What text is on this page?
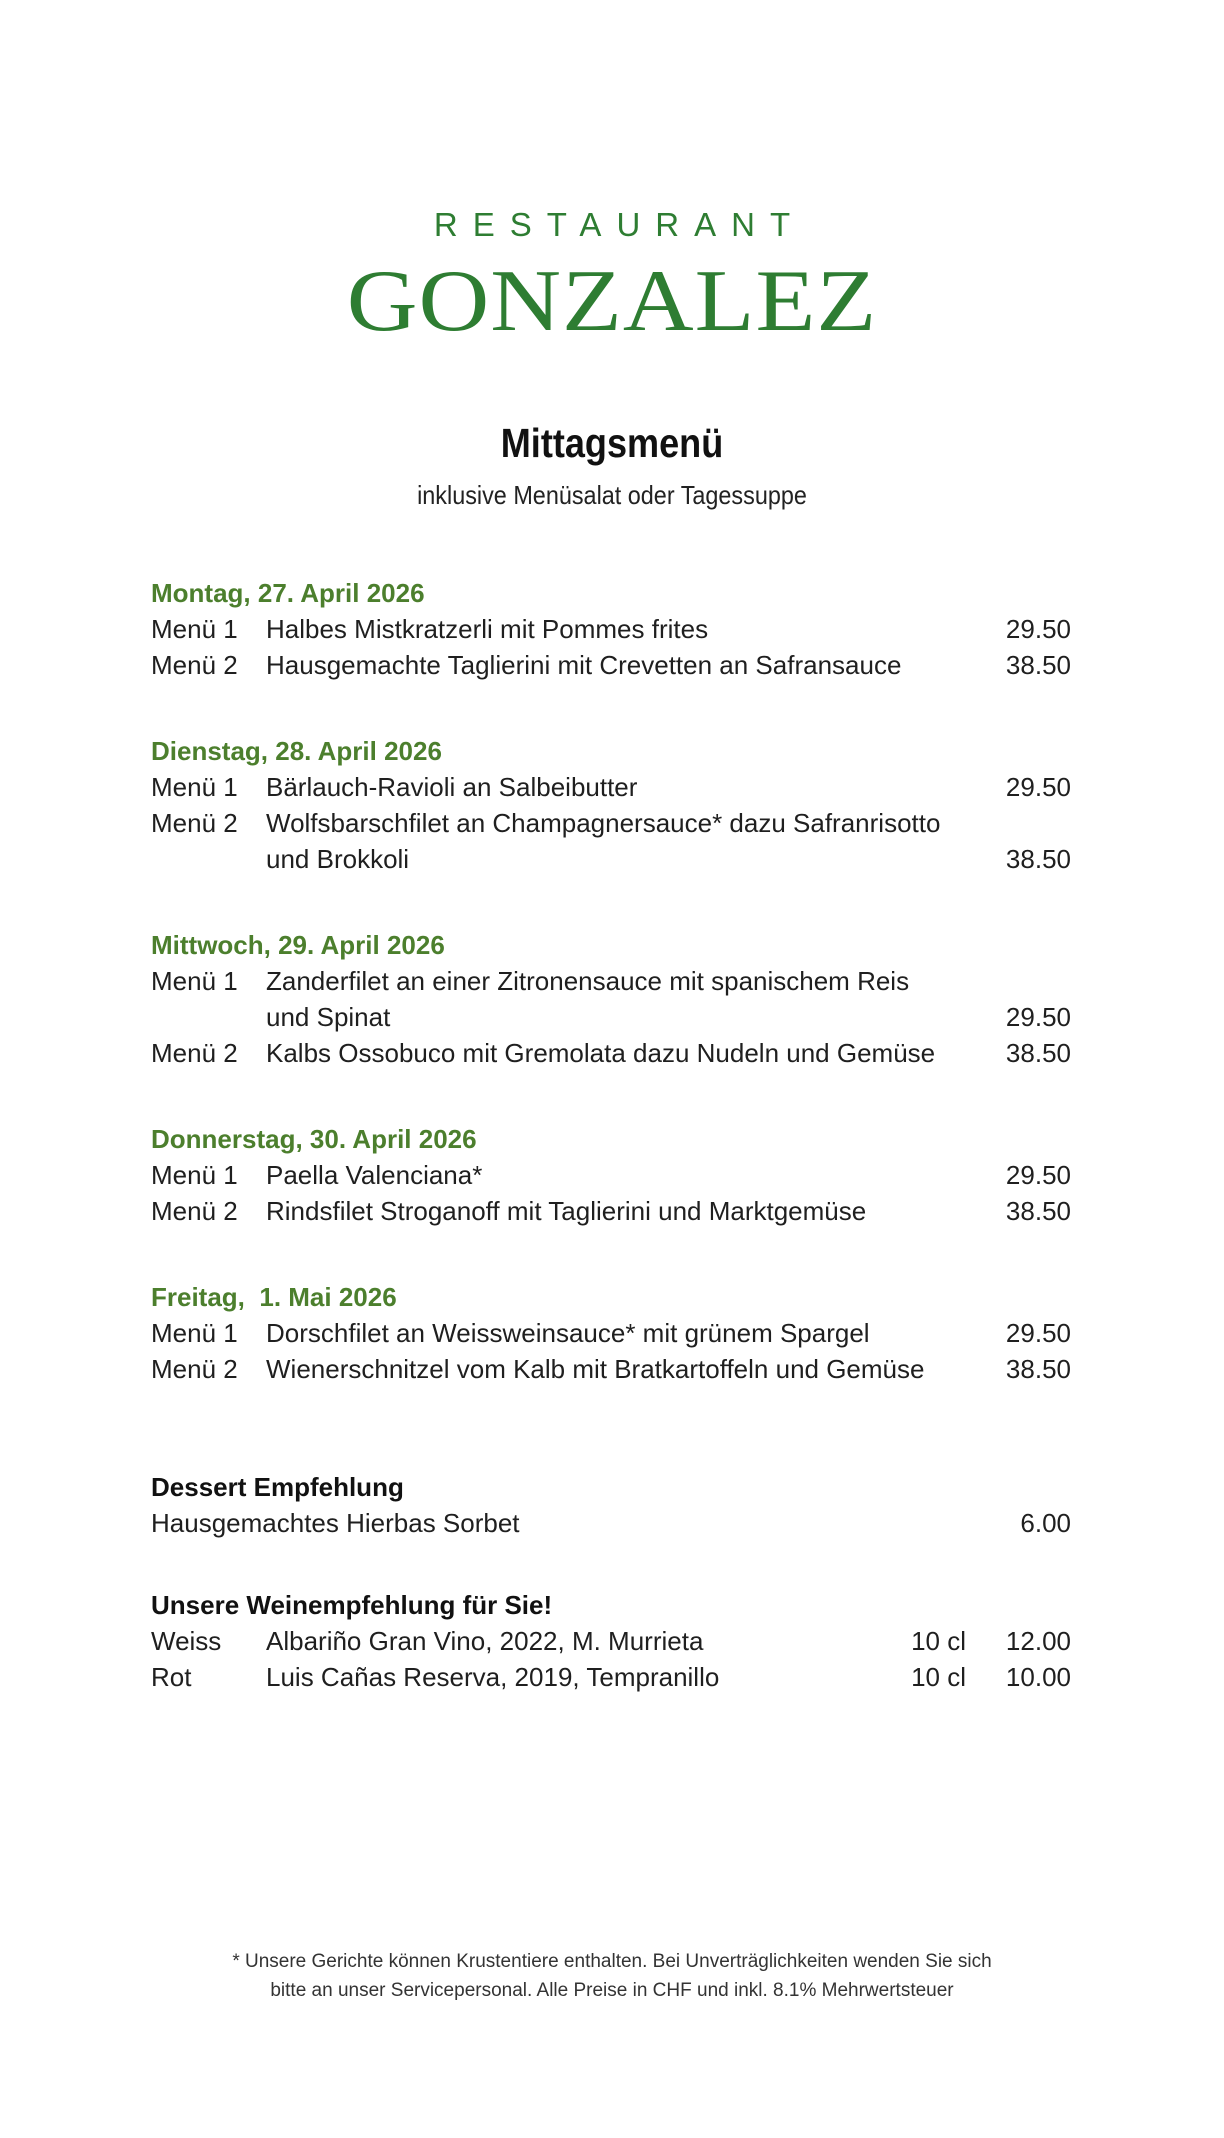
RESTAURANT
GONZALEZ
Mittagsmenü
inklusive Menüsalat oder Tagessuppe
Montag, 27. April 2026
Menü 1	Halbes Mistkratzerli mit Pommes frites	29.50
Menü 2	Hausgemachte Taglierini mit Crevetten an Safransauce	38.50
Dienstag, 28. April 2026
Menü 1	Bärlauch-Ravioli an Salbeibutter	29.50
Menü 2	Wolfsbarschfilet an Champagnersauce* dazu Safranrisotto und Brokkoli	38.50
Mittwoch, 29. April 2026
Menü 1	Zanderfilet an einer Zitronensauce mit spanischem Reis und Spinat	29.50
Menü 2	Kalbs Ossobuco mit Gremolata dazu Nudeln und Gemüse	38.50
Donnerstag, 30. April 2026
Menü 1	Paella Valenciana*	29.50
Menü 2	Rindsfilet Stroganoff mit Taglierini und Marktgemüse	38.50
Freitag,  1. Mai 2026
Menü 1	Dorschfilet an Weissweinsauce* mit grünem Spargel	29.50
Menü 2	Wienerschnitzel vom Kalb mit Bratkartoffeln und Gemüse	38.50
Dessert Empfehlung
Hausgemachtes Hierbas Sorbet	6.00
Unsere Weinempfehlung für Sie!
Weiss	Albariño Gran Vino, 2022, M. Murrieta	10 cl 12.00
Rot	Luis Cañas Reserva, 2019, Tempranillo	10 cl 10.00
* Unsere Gerichte können Krustentiere enthalten. Bei Unverträglichkeiten wenden Sie sich
bitte an unser Servicepersonal. Alle Preise in CHF und inkl. 8.1% Mehrwertsteuer
